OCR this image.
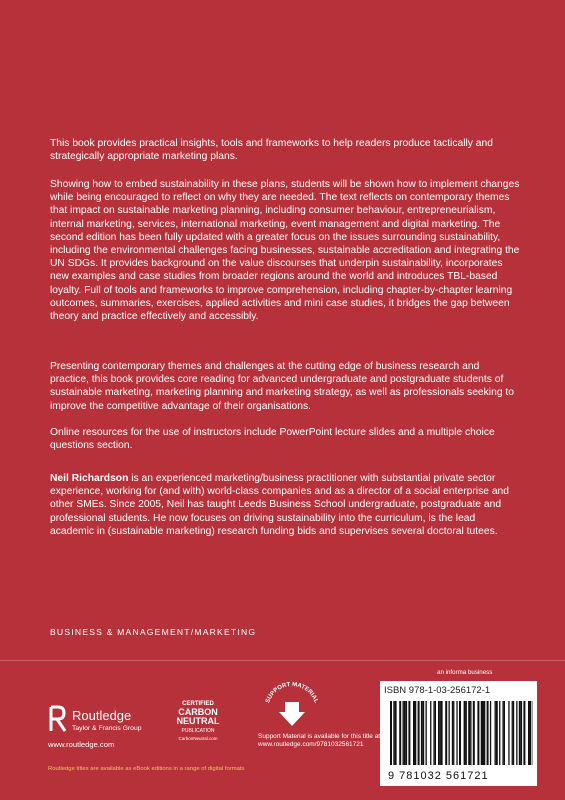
This book provides practical insights, tools and frameworks to help readers produce tactically and strategically appropriate marketing plans.

Showing how to embed sustainability in these plans, students will be shown how to implement changes while being encouraged to reflect on why they are needed. The text reflects on contemporary themes that impact on sustainable marketing planning, including consumer behaviour, entrepreneurialism, internal marketing, services, international marketing, event management and digital marketing. The second edition has been fully updated with a greater focus on the issues surrounding sustainability, including the environmental challenges facing businesses, sustainable accreditation and integrating the UN SDGs. It provides background on the value discourses that underpin sustainability, incorporates new examples and case studies from broader regions around the world and introduces TBL-based loyalty. Full of tools and frameworks to improve comprehension, including chapter-by-chapter learning outcomes, summaries, exercises, applied activities and mini case studies, it bridges the gap between theory and practice effectively and accessibly.

Presenting contemporary themes and challenges at the cutting edge of business research and practice, this book provides core reading for advanced undergraduate and postgraduate students of sustainable marketing, marketing planning and marketing strategy, as well as professionals seeking to improve the competitive advantage of their organisations.

Online resources for the use of instructors include PowerPoint lecture slides and a multiple choice questions section.

Neil Richardson is an experienced marketing/business practitioner with substantial private sector experience, working for (and with) world-class companies and as a director of a social enterprise and other SMEs. Since 2005, Neil has taught Leeds Business School undergraduate, postgraduate and professional students. He now focuses on driving sustainability into the curriculum, is the lead academic in (sustainable marketing) research funding bids and supervises several doctoral tutees.

BUSINESS & MANAGEMENT/MARKETING
an informa business
Routledge
Taylor & Francis Group
www.routledge.com
CERTIFIED
CARBON
NEUTRAL
PUBLICATION
CarbonNeutral.com
SUPPORT MATERIAL
Support Material is available for this title at
www.routledge.com/9781032561721
ISBN 978-1-03-256172-1
9 781032 561721
Routledge titles are available as eBook editions in a range of digital formats
